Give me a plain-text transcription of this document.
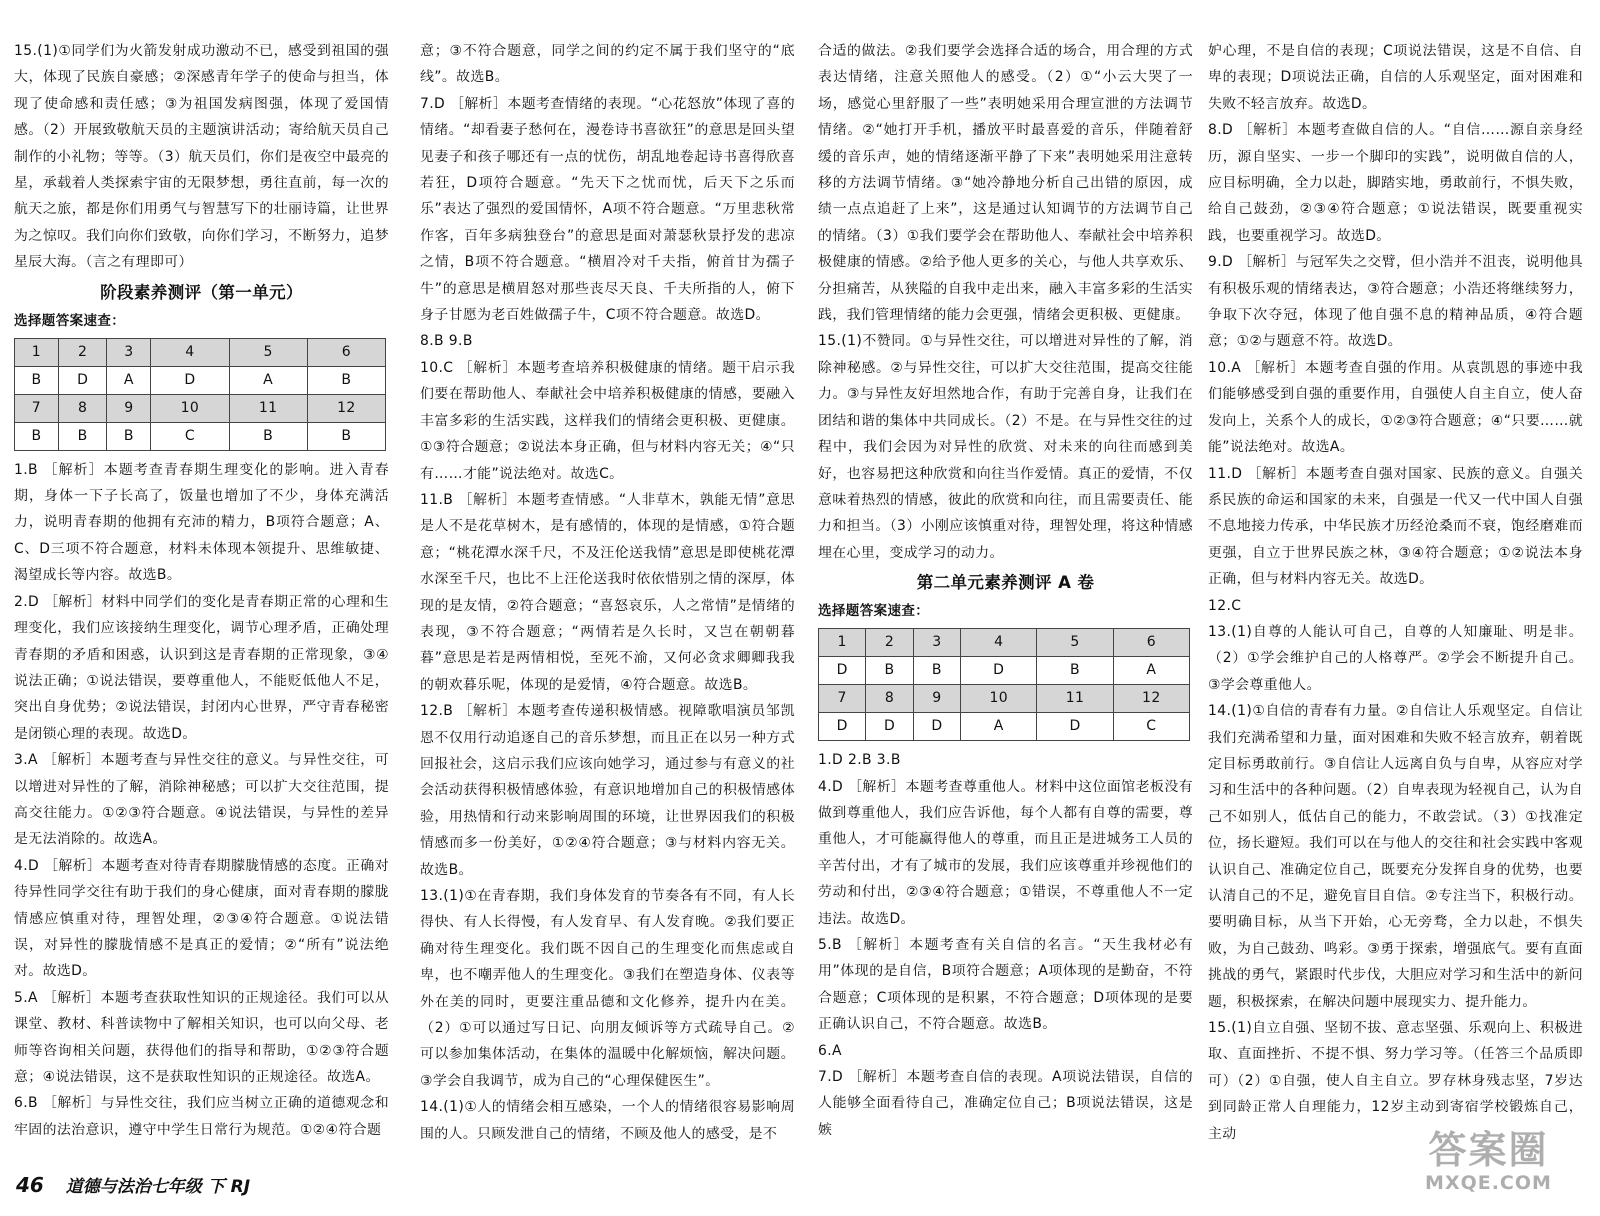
15.(1)①同学们为火箭发射成功激动不已，感受到祖国的强大，体现了民族自豪感；②深感青年学子的使命与担当，体现了使命感和责任感；③为祖国发病图强，体现了爱国情感。（2）开展致敬航天员的主题演讲活动；寄给航天员自己制作的小礼物；等等。（3）航天员们，你们是夜空中最亮的星，承载着人类探索宇宙的无限梦想，勇往直前，每一次的航天之旅，都是你们用勇气与智慧写下的壮丽诗篇，让世界为之惊叹。我们向你们致敬，向你们学习，不断努力，追梦星辰大海。（言之有理即可）
阶段素养测评（第一单元）
选择题答案速查：
1	2	3	4	5	6
B	D	A	D	A	B
7	8	9	10	11	12
B	B	B	C	B	B
1.B ［解析］本题考查青春期生理变化的影响。进入青春期，身体一下子长高了，饭量也增加了不少，身体充满活力，说明青春期的他拥有充沛的精力，B项符合题意；A、C、D三项不符合题意，材料未体现本领提升、思维敏捷、渴望成长等内容。故选B。
2.D ［解析］材料中同学们的变化是青春期正常的心理和生理变化，我们应该接纳生理变化，调节心理矛盾，正确处理青春期的矛盾和困惑，认识到这是青春期的正常现象，③④说法正确；①说法错误，要尊重他人，不能贬低他人不足，突出自身优势；②说法错误，封闭内心世界，严守青春秘密是闭锁心理的表现。故选D。
3.A ［解析］本题考查与异性交往的意义。与异性交往，可以增进对异性的了解，消除神秘感；可以扩大交往范围，提高交往能力。①②③符合题意。④说法错误，与异性的差异是无法消除的。故选A。
4.D ［解析］本题考查对待青春期朦胧情感的态度。正确对待异性同学交往有助于我们的身心健康，面对青春期的朦胧情感应慎重对待，理智处理，②③④符合题意。①说法错误，对异性的朦胧情感不是真正的爱情；②“所有”说法绝对。故选D。
5.A ［解析］本题考查获取性知识的正规途径。我们可以从课堂、教材、科普读物中了解相关知识，也可以向父母、老师等咨询相关问题，获得他们的指导和帮助，①②③符合题意；④说法错误，这不是获取性知识的正规途径。故选A。
6.B ［解析］与异性交往，我们应当树立正确的道德观念和牢固的法治意识，遵守中学生日常行为规范。①②④符合题
意；③不符合题意，同学之间的约定不属于我们坚守的“底线”。故选B。
7.D ［解析］本题考查情绪的表现。“心花怒放”体现了喜的情绪。“却看妻子愁何在，漫卷诗书喜欲狂”的意思是回头望见妻子和孩子哪还有一点的忧伤，胡乱地卷起诗书喜得欣喜若狂，D项符合题意。“先天下之忧而忧，后天下之乐而乐”表达了强烈的爱国情怀，A项不符合题意。“万里悲秋常作客，百年多病独登台”的意思是面对萧瑟秋景抒发的悲凉之情，B项不符合题意。“横眉冷对千夫指，俯首甘为孺子牛”的意思是横眉怒对那些丧尽天良、千夫所指的人，俯下身子甘愿为老百姓做孺子牛，C项不符合题意。故选D。
8.B 9.B
10.C ［解析］本题考查培养积极健康的情绪。题干启示我们要在帮助他人、奉献社会中培养积极健康的情感，要融入丰富多彩的生活实践，这样我们的情绪会更积极、更健康。①③符合题意；②说法本身正确，但与材料内容无关；④“只有……才能”说法绝对。故选C。
11.B ［解析］本题考查情感。“人非草木，孰能无情”意思是人不是花草树木，是有感情的，体现的是情感，①符合题意；“桃花潭水深千尺，不及汪伦送我情”意思是即使桃花潭水深至千尺，也比不上汪伦送我时依依惜别之情的深厚，体现的是友情，②符合题意；“喜怒哀乐，人之常情”是情绪的表现，③不符合题意；“两情若是久长时，又岂在朝朝暮暮”意思是若是两情相悦，至死不渝，又何必贪求卿卿我我的朝欢暮乐呢，体现的是爱情，④符合题意。故选B。
12.B ［解析］本题考查传递积极情感。视障歌唱演员邹凯恩不仅用行动追逐自己的音乐梦想，而且正在以另一种方式回报社会，这启示我们应该向她学习，通过参与有意义的社会活动获得积极情感体验，有意识地增加自己的积极情感体验，用热情和行动来影响周围的环境，让世界因我们的积极情感而多一份美好，①②④符合题意；③与材料内容无关。故选B。
13.(1)①在青春期，我们身体发育的节奏各有不同，有人长得快、有人长得慢，有人发育早、有人发育晚。②我们要正确对待生理变化。我们既不因自己的生理变化而焦虑或自卑，也不嘲弄他人的生理变化。③我们在塑造身体、仪表等外在美的同时，更要注重品德和文化修养，提升内在美。（2）①可以通过写日记、向朋友倾诉等方式疏导自己。②可以参加集体活动，在集体的温暖中化解烦恼，解决问题。③学会自我调节，成为自己的“心理保健医生”。
14.(1)①人的情绪会相互感染，一个人的情绪很容易影响周围的人。只顾发泄自己的情绪，不顾及他人的感受，是不
合适的做法。②我们要学会选择合适的场合，用合理的方式表达情绪，注意关照他人的感受。（2）①“小云大哭了一场，感觉心里舒服了一些”表明她采用合理宣泄的方法调节情绪。②“她打开手机，播放平时最喜爱的音乐，伴随着舒缓的音乐声，她的情绪逐渐平静了下来”表明她采用注意转移的方法调节情绪。③“她冷静地分析自己出错的原因，成绩一点点追赶了上来”，这是通过认知调节的方法调节自己的情绪。（3）①我们要学会在帮助他人、奉献社会中培养积极健康的情感。②给予他人更多的关心，与他人共享欢乐、分担痛苦，从狭隘的自我中走出来，融入丰富多彩的生活实践，我们管理情绪的能力会更强，情绪会更积极、更健康。
15.(1)不赞同。①与异性交往，可以增进对异性的了解，消除神秘感。②与异性交往，可以扩大交往范围，提高交往能力。③与异性友好坦然地合作，有助于完善自身，让我们在团结和谐的集体中共同成长。（2）不是。在与异性交往的过程中，我们会因为对异性的欣赏、对未来的向往而感到美好，也容易把这种欣赏和向往当作爱情。真正的爱情，不仅意味着热烈的情感，彼此的欣赏和向往，而且需要责任、能力和担当。（3）小刚应该慎重对待，理智处理，将这种情感埋在心里，变成学习的动力。
第二单元素养测评 A 卷
选择题答案速查：
1	2	3	4	5	6
D	B	B	D	B	A
7	8	9	10	11	12
D	D	D	A	D	C
1.D 2.B 3.B
4.D ［解析］本题考查尊重他人。材料中这位面馆老板没有做到尊重他人，我们应告诉他，每个人都有自尊的需要，尊重他人，才可能赢得他人的尊重，而且正是进城务工人员的辛苦付出，才有了城市的发展，我们应该尊重并珍视他们的劳动和付出，②③④符合题意；①错误，不尊重他人不一定违法。故选D。
5.B ［解析］本题考查有关自信的名言。“天生我材必有用”体现的是自信，B项符合题意；A项体现的是勤奋，不符合题意；C项体现的是积累，不符合题意；D项体现的是要正确认识自己，不符合题意。故选B。
6.A
7.D ［解析］本题考查自信的表现。A项说法错误，自信的人能够全面看待自己，准确定位自己；B项说法错误，这是嫉
妒心理，不是自信的表现；C项说法错误，这是不自信、自卑的表现；D项说法正确，自信的人乐观坚定，面对困难和失败不轻言放弃。故选D。
8.D ［解析］本题考查做自信的人。“自信……源自亲身经历，源自坚实、一步一个脚印的实践”，说明做自信的人，应目标明确，全力以赴，脚踏实地，勇敢前行，不惧失败，给自己鼓劲，②③④符合题意；①说法错误，既要重视实践，也要重视学习。故选D。
9.D ［解析］与冠军失之交臂，但小浩并不沮丧，说明他具有积极乐观的情绪表达，③符合题意；小浩还将继续努力，争取下次夺冠，体现了他自强不息的精神品质，④符合题意；①②与题意不符。故选D。
10.A ［解析］本题考查自强的作用。从袁凯恩的事迹中我们能够感受到自强的重要作用，自强使人自主自立，使人奋发向上，关系个人的成长，①②③符合题意；④“只要……就能”说法绝对。故选A。
11.D ［解析］本题考查自强对国家、民族的意义。自强关系民族的命运和国家的未来，自强是一代又一代中国人自强不息地接力传承，中华民族才历经沧桑而不衰，饱经磨难而更强，自立于世界民族之林，③④符合题意；①②说法本身正确，但与材料内容无关。故选D。
12.C
13.(1)自尊的人能认可自己，自尊的人知廉耻、明是非。（2）①学会维护自己的人格尊严。②学会不断提升自己。③学会尊重他人。
14.(1)①自信的青春有力量。②自信让人乐观坚定。自信让我们充满希望和力量，面对困难和失败不轻言放弃，朝着既定目标勇敢前行。③自信让人远离自负与自卑，从容应对学习和生活中的各种问题。（2）自卑表现为轻视自己，认为自己不如别人，低估自己的能力，不敢尝试。（3）①找准定位，扬长避短。我们可以在与他人的交往和社会实践中客观认识自己、准确定位自己，既要充分发挥自身的优势，也要认清自己的不足，避免盲目自信。②专注当下，积极行动。要明确目标，从当下开始，心无旁骛，全力以赴，不惧失败，为自己鼓劲、鸣彩。③勇于探索，增强底气。要有直面挑战的勇气，紧跟时代步伐，大胆应对学习和生活中的新问题，积极探索，在解决问题中展现实力、提升能力。
15.(1)自立自强、坚韧不拔、意志坚强、乐观向上、积极进取、直面挫折、不提不惧、努力学习等。（任答三个品质即可）（2）①自强，使人自主自立。罗存林身残志坚，7岁达到同龄正常人自理能力，12岁主动到寄宿学校锻炼自己，主动
46 道德与法治七年级 下 RJ
答案圈
MXQE.COM
